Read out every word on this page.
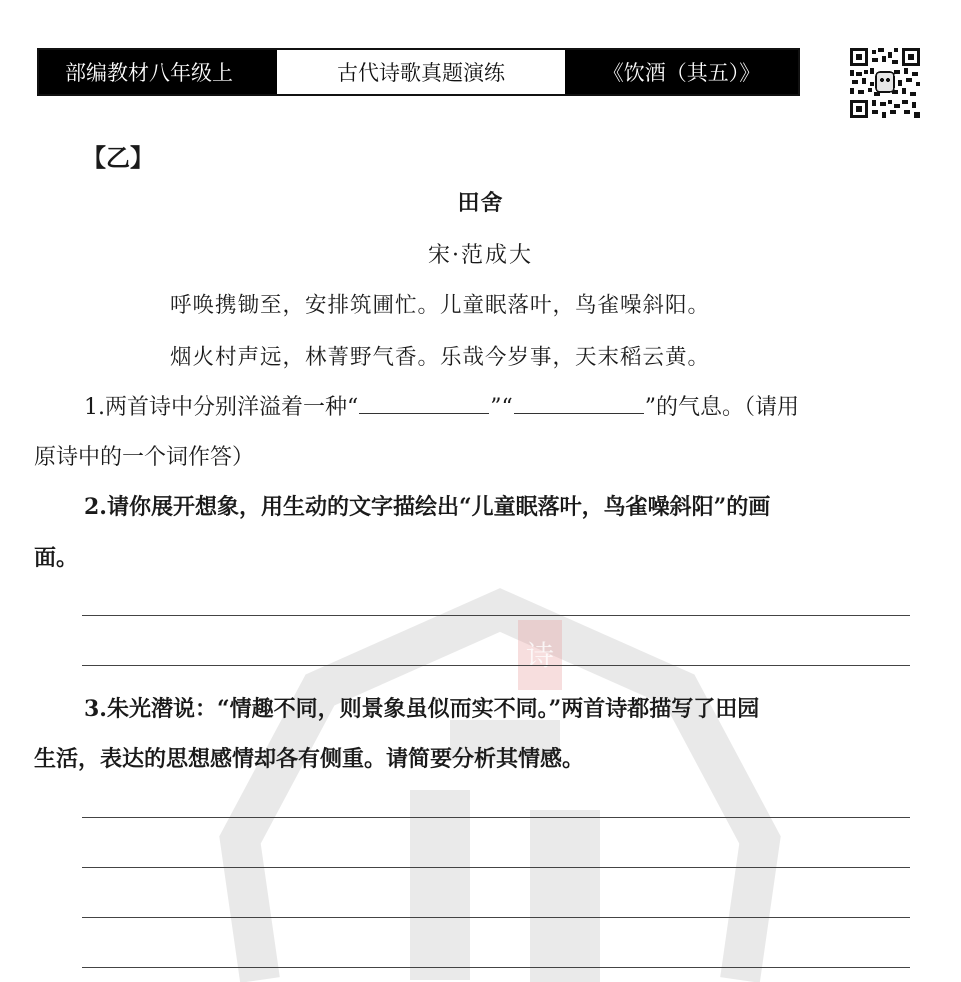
诗
部编教材八年级上	古代诗歌真题演练	《饮酒（其五）》
【乙】
田舍
宋·范成大
呼唤携锄至，安排筑圃忙。儿童眠落叶，鸟雀噪斜阳。
烟火村声远，林菁野气香。乐哉今岁事，天末稻云黄。
1.两首诗中分别洋溢着一种“	”“	”的气息。（请用
原诗中的一个词作答）
2.请你展开想象，用生动的文字描绘出“儿童眠落叶，鸟雀噪斜阳”的画
面。
3.朱光潜说：“情趣不同，则景象虽似而实不同。”两首诗都描写了田园
生活，表达的思想感情却各有侧重。请简要分析其情感。
